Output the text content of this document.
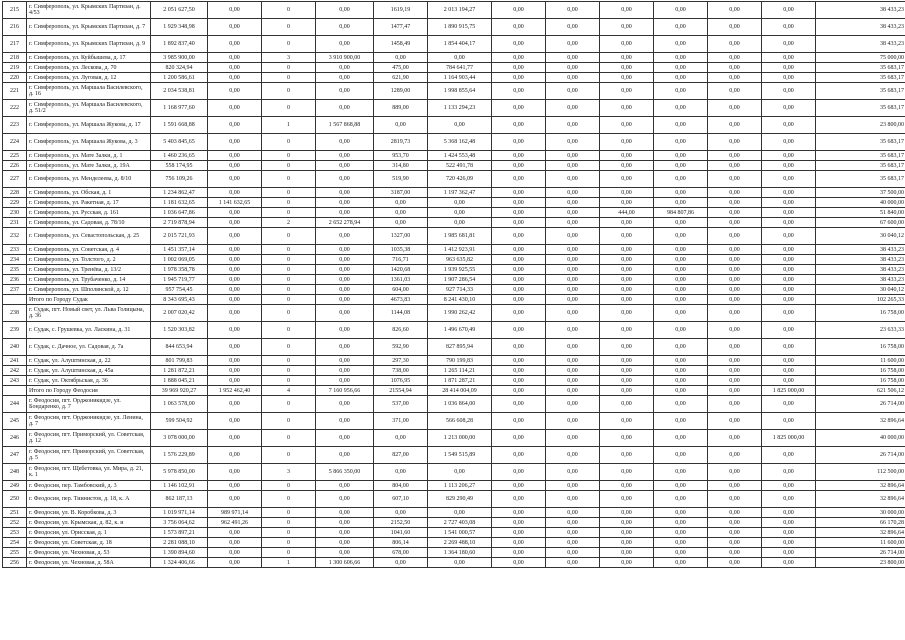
215	г. Симферополь, ул. Крымских Партизан, д. 4/53	2 051 627,50	0,00	0	0,00	1619,19	2 013 194,27	0,00	0,00	0,00	0,00	0,00	0,00	38 433,23
216	г. Симферополь, ул. Крымских Партизан, д. 7	1 929 348,98	0,00	0	0,00	1477,47	1 890 915,75	0,00	0,00	0,00	0,00	0,00	0,00	38 433,23
217	г. Симферополь, ул. Крымских Партизан, д. 9	1 892 837,40	0,00	0	0,00	1458,49	1 854 404,17	0,00	0,00	0,00	0,00	0,00	0,00	38 433,23
218	г. Симферополь, ул. Куйбышева, д. 17	3 985 900,00	0,00	3	3 910 900,00	0,00	0,00	0,00	0,00	0,00	0,00	0,00	0,00	75 000,00
219	г. Симферополь, ул. Лескова, д. 70	820 324,94	0,00	0	0,00	475,00	784 641,77	0,00	0,00	0,00	0,00	0,00	0,00	35 683,17
220	г. Симферополь, ул. Луговая, д. 12	1 200 586,61	0,00	0	0,00	621,90	1 164 903,44	0,00	0,00	0,00	0,00	0,00	0,00	35 683,17
221	г. Симферополь, ул. Маршала Василевского, д. 16	2 034 538,81	0,00	0	0,00	1289,00	1 998 855,64	0,00	0,00	0,00	0,00	0,00	0,00	35 683,17
222	г. Симферополь, ул. Маршала Василевского, д. 51/2	1 168 977,60	0,00	0	0,00	889,00	1 133 294,23	0,00	0,00	0,00	0,00	0,00	0,00	35 683,17
223	г. Симферополь, ул. Маршала Жукова, д. 17	1 591 668,88	0,00	1	1 567 868,88	0,00	0,00	0,00	0,00	0,00	0,00	0,00	0,00	23 800,00
224	г. Симферополь, ул. Маршала Жукова, д. 3	5 403 845,65	0,00	0	0,00	2819,73	5 368 162,48	0,00	0,00	0,00	0,00	0,00	0,00	35 683,17
225	г. Симферополь, ул. Мате Залки, д. 1	1 460 236,65	0,00	0	0,00	953,70	1 424 553,48	0,00	0,00	0,00	0,00	0,00	0,00	35 683,17
226	г. Симферополь, ул. Мате Залки, д. 19А	558 174,95	0,00	0	0,00	314,80	522 491,78	0,00	0,00	0,00	0,00	0,00	0,00	35 683,17
227	г. Симферополь, ул. Менделеева, д. 8/10	756 109,26	0,00	0	0,00	519,90	720 426,09	0,00	0,00	0,00	0,00	0,00	0,00	35 683,17
228	г. Симферополь, ул. Обская, д. 1	1 234 862,47	0,00	0	0,00	3187,00	1 197 362,47	0,00	0,00	0,00	0,00	0,00	0,00	37 500,00
229	г. Симферополь, ул. Ракетная, д. 17	1 181 632,65	1 141 632,65	0	0,00	0,00	0,00	0,00	0,00	0,00	0,00	0,00	0,00	40 000,00
230	г. Симферополь, ул. Русская, д. 161	1 036 647,86	0,00	0	0,00	0,00	0,00	0,00	0,00	444,00	984 807,86	0,00	0,00	51 840,00
231	г. Симферополь, ул. Садовая, д. 78/10	2 719 878,94	0,00	2	2 652 278,94	0,00	0,00	0,00	0,00	0,00	0,00	0,00	0,00	67 600,00
232	г. Симферополь, ул. Севастопольская, д. 25	2 015 721,93	0,00	0	0,00	1327,00	1 985 681,81	0,00	0,00	0,00	0,00	0,00	0,00	30 040,12
233	г. Симферополь, ул. Советская, д. 4	1 451 357,14	0,00	0	0,00	1035,38	1 412 923,91	0,00	0,00	0,00	0,00	0,00	0,00	38 433,23
234	г. Симферополь, ул. Толстого, д. 2	1 002 069,05	0,00	0	0,00	716,71	963 635,82	0,00	0,00	0,00	0,00	0,00	0,00	38 433,23
235	г. Симферополь, ул. Тренёва, д. 13/2	1 978 358,78	0,00	0	0,00	1420,68	1 939 925,55	0,00	0,00	0,00	0,00	0,00	0,00	38 433,23
236	г. Симферополь, ул. Трубаченко, д. 14	1 945 719,77	0,00	0	0,00	1361,03	1 907 286,54	0,00	0,00	0,00	0,00	0,00	0,00	38 433,23
237	г. Симферополь, ул. Шполянской, д. 12	957 754,45	0,00	0	0,00	604,00	927 714,33	0,00	0,00	0,00	0,00	0,00	0,00	30 040,12
	Итого по Городу Судак	8 343 695,43	0,00	0	0,00	4673,83	8 241 430,10	0,00	0,00	0,00	0,00	0,00	0,00	102 265,33
238	г. Судак, пгт. Новый свет, ул. Льва Голицына, д. 36	2 007 020,42	0,00	0	0,00	1144,08	1 990 262,42	0,00	0,00	0,00	0,00	0,00	0,00	16 758,00
239	г. Судак, с. Грушевка, ул. Ласкина, д. 31	1 520 303,82	0,00	0	0,00	826,60	1 496 670,49	0,00	0,00	0,00	0,00	0,00	0,00	23 633,33
240	г. Судак, с. Дачное, ул. Садовая, д. 7а	844 653,94	0,00	0	0,00	592,90	827 895,94	0,00	0,00	0,00	0,00	0,00	0,00	16 758,00
241	г. Судак, ул. Алуштинская, д. 22	801 799,83	0,00	0	0,00	297,30	790 199,83	0,00	0,00	0,00	0,00	0,00	0,00	11 600,00
242	г. Судак, ул. Алуштинская, д. 45а	1 281 872,21	0,00	0	0,00	738,00	1 265 114,21	0,00	0,00	0,00	0,00	0,00	0,00	16 758,00
243	г. Судак, ул. Октябрьская, д. 36	1 888 045,21	0,00	0	0,00	1076,95	1 871 287,21	0,00	0,00	0,00	0,00	0,00	0,00	16 758,00
	Итого по Городу Феодосия	39 969 920,27	1 952 462,40	4	7 160 956,66	21554,94	28 414 004,09	0,00	0,00	0,00	0,00	0,00	1 825 000,00	621 506,12
244	г. Феодосия, пгт. Орджоникидзе, ул. Бондаренко, д. 7	1 063 578,00	0,00	0	0,00	537,00	1 036 864,00	0,00	0,00	0,00	0,00	0,00	0,00	26 714,00
245	г. Феодосия, пгт. Орджоникидзе, ул. Ленина, д. 7	599 504,92	0,00	0	0,00	371,00	566 608,28	0,00	0,00	0,00	0,00	0,00	0,00	32 896,64
246	г. Феодосия, пгт. Приморский, ул. Советская, д. 12	3 078 000,00	0,00	0	0,00	0,00	1 213 000,00	0,00	0,00	0,00	0,00	0,00	1 825 000,00	40 000,00
247	г. Феодосия, пгт. Приморский, ул. Советская, д. 5	1 576 229,89	0,00	0	0,00	827,00	1 549 515,89	0,00	0,00	0,00	0,00	0,00	0,00	26 714,00
248	г. Феодосия, пгт. Щебетовка, ул. Мира, д. 21, к. 1	5 978 850,00	0,00	3	5 866 350,00	0,00	0,00	0,00	0,00	0,00	0,00	0,00	0,00	112 500,00
249	г. Феодосия, пер. Тамбовский, д. 3	1 146 102,91	0,00	0	0,00	804,00	1 113 206,27	0,00	0,00	0,00	0,00	0,00	0,00	32 896,64
250	г. Феодосия, пер. Тиинистов, д. 18, к. А	862 187,13	0,00	0	0,00	607,10	829 290,49	0,00	0,00	0,00	0,00	0,00	0,00	32 896,64
251	г. Феодосия, ул. В. Коробкова, д. 3	1 019 971,14	989 971,14	0	0,00	0,00	0,00	0,00	0,00	0,00	0,00	0,00	0,00	30 000,00
252	г. Феодосия, ул. Крымская, д. 82, к. и	3 756 064,62	962 491,26	0	0,00	2152,50	2 727 403,08	0,00	0,00	0,00	0,00	0,00	0,00	66 170,28
253	г. Феодосия, ул. Орисская, д. 1	1 573 897,21	0,00	0	0,00	1041,60	1 541 000,57	0,00	0,00	0,00	0,00	0,00	0,00	32 896,64
254	г. Феодосия, ул. Советская, д. 18	2 281 088,10	0,00	0	0,00	806,14	2 269 488,10	0,00	0,00	0,00	0,00	0,00	0,00	11 600,00
255	г. Феодосия, ул. Чехновая, д. 53	1 390 894,60	0,00	0	0,00	678,00	1 364 180,60	0,00	0,00	0,00	0,00	0,00	0,00	26 714,00
256	г. Феодосия, ул. Чехновая, д. 58А	1 324 406,66	0,00	1	1 300 606,66	0,00	0,00	0,00	0,00	0,00	0,00	0,00	0,00	23 800,00
